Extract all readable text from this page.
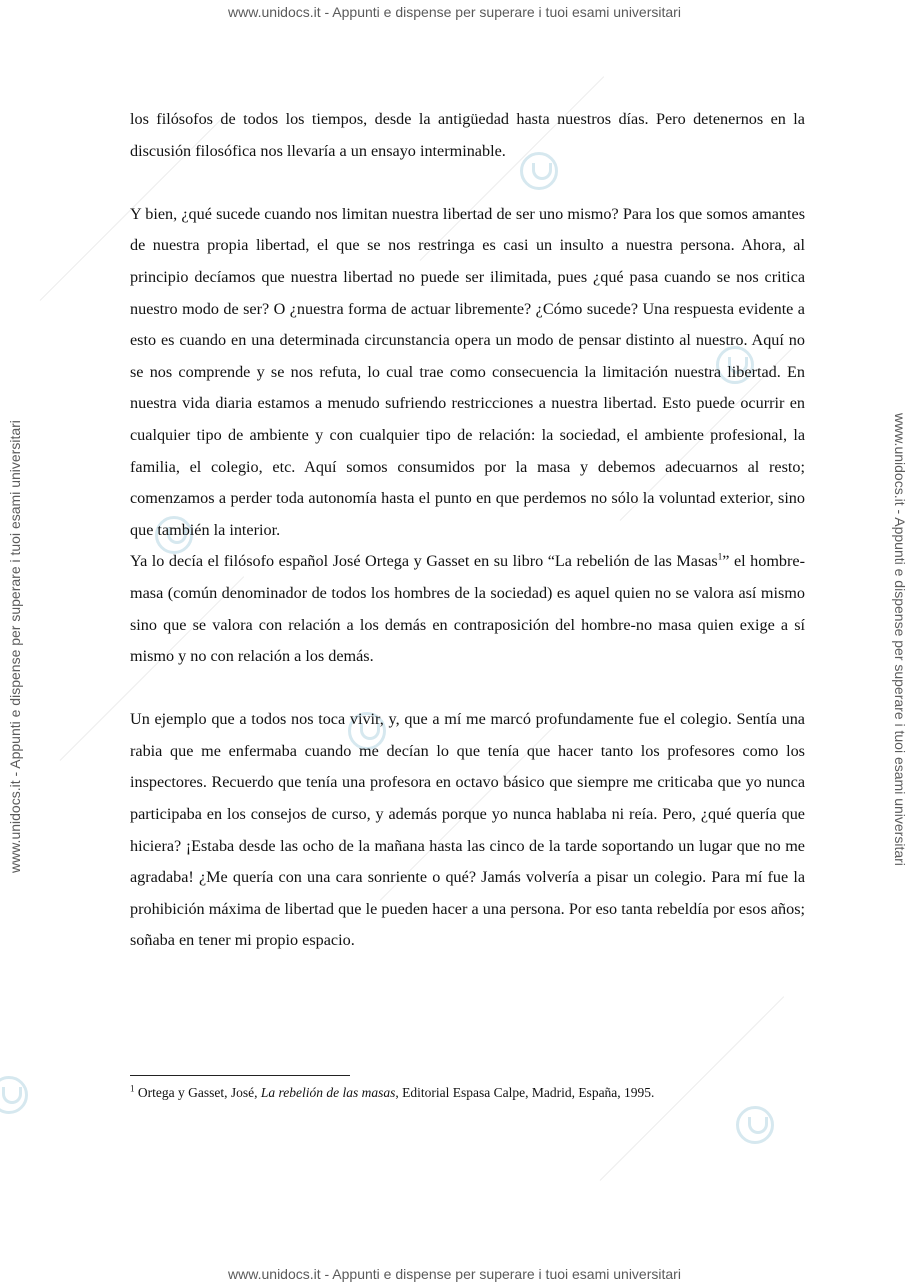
www.unidocs.it - Appunti e dispense per superare i tuoi esami universitari
www.unidocs.it - Appunti e dispense per superare i tuoi esami universitari
www.unidocs.it - Appunti e dispense per superare i tuoi esami universitari	www.unidocs.it - Appunti e dispense per superare i tuoi esami universitari

los filósofos de todos los tiempos, desde la antigüedad hasta nuestros días. Pero detenernos en la discusión filosófica nos llevaría a un ensayo interminable.

Y bien, ¿qué sucede cuando nos limitan nuestra libertad de ser uno mismo? Para los que somos amantes de nuestra propia libertad, el que se nos restringa es casi un insulto a nuestra persona. Ahora, al principio decíamos que nuestra libertad no puede ser ilimitada, pues ¿qué pasa cuando se nos critica nuestro modo de ser? O ¿nuestra forma de actuar libremente? ¿Cómo sucede? Una respuesta evidente a esto es cuando en una determinada circunstancia opera un modo de pensar distinto al nuestro. Aquí no se nos comprende y se nos refuta, lo cual trae como consecuencia la limitación nuestra libertad. En nuestra vida diaria estamos a menudo sufriendo restricciones a nuestra libertad. Esto puede ocurrir en cualquier tipo de ambiente y con cualquier tipo de relación: la sociedad, el ambiente profesional, la familia, el colegio, etc. Aquí somos consumidos por la masa y debemos adecuarnos al resto; comenzamos a perder toda autonomía hasta el punto en que perdemos no sólo la voluntad exterior, sino que también la interior.

Ya lo decía el filósofo español José Ortega y Gasset en su libro “La rebelión de las Masas$^1$” el hombre-masa (común denominador de todos los hombres de la sociedad) es aquel quien no se valora así mismo sino que se valora con relación a los demás en contraposición del hombre-no masa quien exige a sí mismo y no con relación a los demás.

Un ejemplo que a todos nos toca vivir, y, que a mí me marcó profundamente fue el colegio. Sentía una rabia que me enfermaba cuando me decían lo que tenía que hacer tanto los profesores como los inspectores. Recuerdo que tenía una profesora en octavo básico que siempre me criticaba que yo nunca participaba en los consejos de curso, y además porque yo nunca hablaba ni reía. Pero, ¿qué quería que hiciera? ¡Estaba desde las ocho de la mañana hasta las cinco de la tarde soportando un lugar que no me agradaba! ¿Me quería con una cara sonriente o qué? Jamás volvería a pisar un colegio. Para mí fue la prohibición máxima de libertad que le pueden hacer a una persona. Por eso tanta rebeldía por esos años; soñaba en tener mi propio espacio.

$^1$ Ortega y Gasset, José, La rebelión de las masas, Editorial Espasa Calpe, Madrid, España, 1995.
